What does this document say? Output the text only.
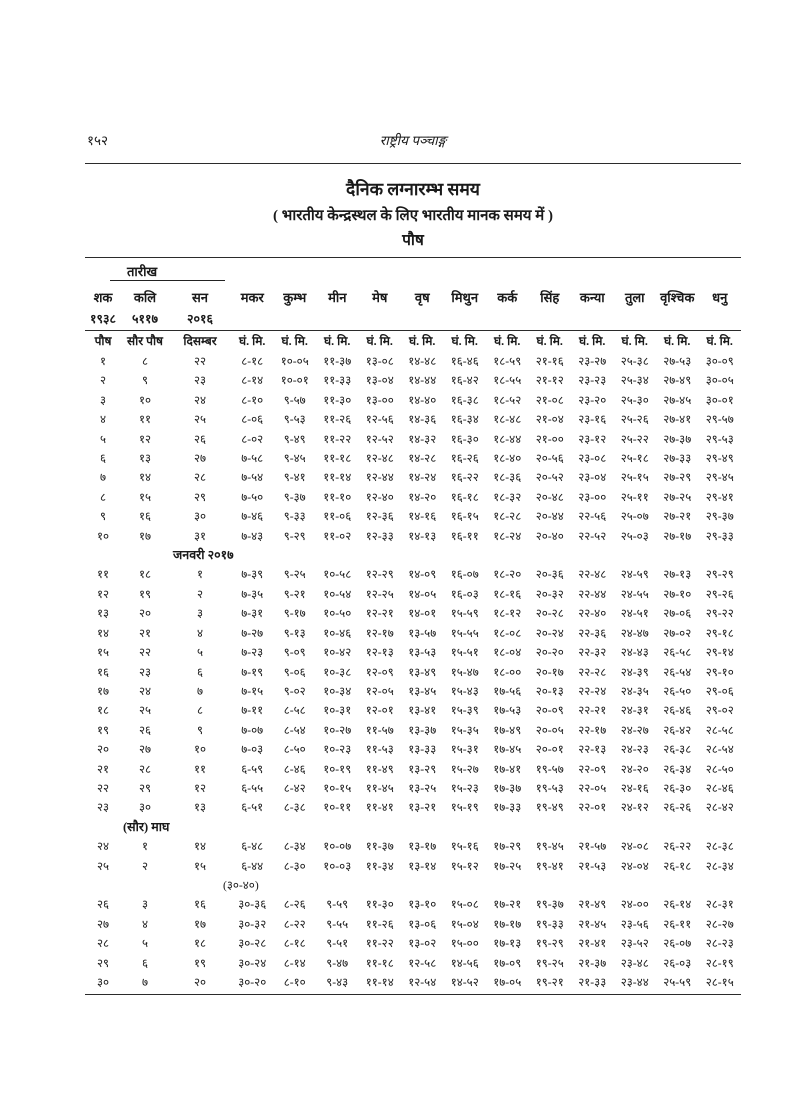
१५२	राष्ट्रीय पञ्चाङ्ग
दैनिक लग्नारम्भ समय
( भारतीय केन्द्रस्थल के लिए भारतीय मानक समय में )
पौष
तारीख
शक	कलि	सन	मकर	कुम्भ	मीन	मेष	वृष	मिथुन	कर्क	सिंह	कन्या	तुला	वृश्चिक	धनु
१९३८	५११७	२०१६
पौष	सौर पौष	दिसम्बर	घं. मि.	घं. मि.	घं. मि.	घं. मि.	घं. मि.	घं. मि.	घं. मि.	घं. मि.	घं. मि.	घं. मि.	घं. मि.	घं. मि.
१	८	२२	८-१८	१०-०५	११-३७	१३-०८	१४-४८	१६-४६	१८-५९	२१-१६	२३-२७	२५-३८	२७-५३	३०-०९
२	९	२३	८-१४	१०-०१	११-३३	१३-०४	१४-४४	१६-४२	१८-५५	२१-१२	२३-२३	२५-३४	२७-४९	३०-०५
३	१०	२४	८-१०	९-५७	११-३०	१३-००	१४-४०	१६-३८	१८-५२	२१-०८	२३-२०	२५-३०	२७-४५	३०-०१
४	११	२५	८-०६	९-५३	११-२६	१२-५६	१४-३६	१६-३४	१८-४८	२१-०४	२३-१६	२५-२६	२७-४१	२९-५७
५	१२	२६	८-०२	९-४९	११-२२	१२-५२	१४-३२	१६-३०	१८-४४	२१-००	२३-१२	२५-२२	२७-३७	२९-५३
६	१३	२७	७-५८	९-४५	११-१८	१२-४८	१४-२८	१६-२६	१८-४०	२०-५६	२३-०८	२५-१८	२७-३३	२९-४९
७	१४	२८	७-५४	९-४१	११-१४	१२-४४	१४-२४	१६-२२	१८-३६	२०-५२	२३-०४	२५-१५	२७-२९	२९-४५
८	१५	२९	७-५०	९-३७	११-१०	१२-४०	१४-२०	१६-१८	१८-३२	२०-४८	२३-००	२५-११	२७-२५	२९-४१
९	१६	३०	७-४६	९-३३	११-०६	१२-३६	१४-१६	१६-१५	१८-२८	२०-४४	२२-५६	२५-०७	२७-२१	२९-३७
१०	१७	३१	७-४३	९-२९	११-०२	१२-३३	१४-१३	१६-११	१८-२४	२०-४०	२२-५२	२५-०३	२७-१७	२९-३३
जनवरी २०१७
११	१८	१	७-३९	९-२५	१०-५८	१२-२९	१४-०९	१६-०७	१८-२०	२०-३६	२२-४८	२४-५९	२७-१३	२९-२९
१२	१९	२	७-३५	९-२१	१०-५४	१२-२५	१४-०५	१६-०३	१८-१६	२०-३२	२२-४४	२४-५५	२७-१०	२९-२६
१३	२०	३	७-३१	९-१७	१०-५०	१२-२१	१४-०१	१५-५९	१८-१२	२०-२८	२२-४०	२४-५१	२७-०६	२९-२२
१४	२१	४	७-२७	९-१३	१०-४६	१२-१७	१३-५७	१५-५५	१८-०८	२०-२४	२२-३६	२४-४७	२७-०२	२९-१८
१५	२२	५	७-२३	९-०९	१०-४२	१२-१३	१३-५३	१५-५१	१८-०४	२०-२०	२२-३२	२४-४३	२६-५८	२९-१४
१६	२३	६	७-१९	९-०६	१०-३८	१२-०९	१३-४९	१५-४७	१८-००	२०-१७	२२-२८	२४-३९	२६-५४	२९-१०
१७	२४	७	७-१५	९-०२	१०-३४	१२-०५	१३-४५	१५-४३	१७-५६	२०-१३	२२-२४	२४-३५	२६-५०	२९-०६
१८	२५	८	७-११	८-५८	१०-३१	१२-०१	१३-४१	१५-३९	१७-५३	२०-०९	२२-२१	२४-३१	२६-४६	२९-०२
१९	२६	९	७-०७	८-५४	१०-२७	११-५७	१३-३७	१५-३५	१७-४९	२०-०५	२२-१७	२४-२७	२६-४२	२८-५८
२०	२७	१०	७-०३	८-५०	१०-२३	११-५३	१३-३३	१५-३१	१७-४५	२०-०१	२२-१३	२४-२३	२६-३८	२८-५४
२१	२८	११	६-५९	८-४६	१०-१९	११-४९	१३-२९	१५-२७	१७-४१	१९-५७	२२-०९	२४-२०	२६-३४	२८-५०
२२	२९	१२	६-५५	८-४२	१०-१५	११-४५	१३-२५	१५-२३	१७-३७	१९-५३	२२-०५	२४-१६	२६-३०	२८-४६
२३	३०	१३	६-५१	८-३८	१०-११	११-४१	१३-२१	१५-१९	१७-३३	१९-४९	२२-०१	२४-१२	२६-२६	२८-४२
(सौर) माघ
२४	१	१४	६-४८	८-३४	१०-०७	११-३७	१३-१७	१५-१६	१७-२९	१९-४५	२१-५७	२४-०८	२६-२२	२८-३८
२५	२	१५	६-४४	८-३०	१०-०३	११-३४	१३-१४	१५-१२	१७-२५	१९-४१	२१-५३	२४-०४	२६-१८	२८-३४
(३०-४०)
२६	३	१६	३०-३६	८-२६	९-५९	११-३०	१३-१०	१५-०८	१७-२१	१९-३७	२१-४९	२४-००	२६-१४	२८-३१
२७	४	१७	३०-३२	८-२२	९-५५	११-२६	१३-०६	१५-०४	१७-१७	१९-३३	२१-४५	२३-५६	२६-११	२८-२७
२८	५	१८	३०-२८	८-१८	९-५१	११-२२	१३-०२	१५-००	१७-१३	१९-२९	२१-४१	२३-५२	२६-०७	२८-२३
२९	६	१९	३०-२४	८-१४	९-४७	११-१८	१२-५८	१४-५६	१७-०९	१९-२५	२१-३७	२३-४८	२६-०३	२८-१९
३०	७	२०	३०-२०	८-१०	९-४३	११-१४	१२-५४	१४-५२	१७-०५	१९-२१	२१-३३	२३-४४	२५-५९	२८-१५
